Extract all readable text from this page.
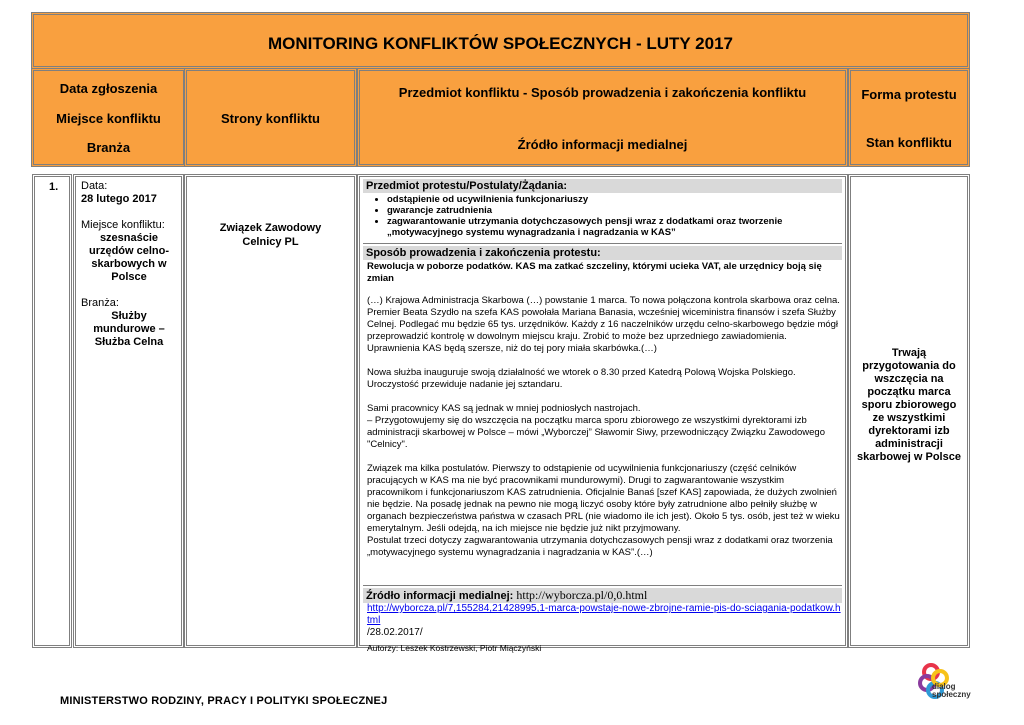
MONITORING KONFLIKTÓW SPOŁECZNYCH - LUTY 2017
Data zgłoszenia
Miejsce konfliktu
Branża
Strony konfliktu
Przedmiot konfliktu - Sposób prowadzenia i zakończenia konfliktu
Źródło informacji medialnej
Forma protestu
Stan konfliktu
1.	Data:
28 lutego 2017
Miejsce konfliktu:
szesnaście urzędów celno-skarbowych w Polsce
Branża:
Służby mundurowe – Służba Celna
Związek Zawodowy Celnicy PL
Przedmiot protestu/Postulaty/Żądania:
• odstąpienie od ucywilnienia funkcjonariuszy
• gwarancje zatrudnienia
• zagwarantowanie utrzymania dotychczasowych pensji wraz z dodatkami oraz tworzenie „motywacyjnego systemu wynagradzania i nagradzania w KAS”
Sposób prowadzenia i zakończenia protestu:
Rewolucja w poborze podatków. KAS ma zatkać szczeliny, którymi ucieka VAT, ale urzędnicy boją się zmian
(…) Krajowa Administracja Skarbowa (…) powstanie 1 marca. To nowa połączona kontrola skarbowa oraz celna. Premier Beata Szydło na szefa KAS powołała Mariana Banasia, wcześniej wiceministra finansów i szefa Służby Celnej. Podlegać mu będzie 65 tys. urzędników. Każdy z 16 naczelników urzędu celno-skarbowego będzie mógł przeprowadzić kontrolę w dowolnym miejscu kraju. Zrobić to może bez uprzedniego zawiadomienia. Uprawnienia KAS będą szersze, niż do tej pory miała skarbówka.(…)
Nowa służba inauguruje swoją działalność we wtorek o 8.30 przed Katedrą Polową Wojska Polskiego. Uroczystość przewiduje nadanie jej sztandaru.
Sami pracownicy KAS są jednak w mniej podniosłych nastrojach.
– Przygotowujemy się do wszczęcia na początku marca sporu zbiorowego ze wszystkimi dyrektorami izb administracji skarbowej w Polsce – mówi „Wyborczej” Sławomir Siwy, przewodniczący Związku Zawodowego "Celnicy".
Związek ma kilka postulatów. Pierwszy to odstąpienie od ucywilnienia funkcjonariuszy (część celników pracujących w KAS ma nie być pracownikami mundurowymi). Drugi to zagwarantowanie wszystkim pracownikom i funkcjonariuszom KAS zatrudnienia. Oficjalnie Banaś [szef KAS] zapowiada, że dużych zwolnień nie będzie. Na posadę jednak na pewno nie mogą liczyć osoby które były zatrudnione albo pełniły służbę w organach bezpieczeństwa państwa w czasach PRL (nie wiadomo ile ich jest). Około 5 tys. osób, jest też w wieku emerytalnym. Jeśli odejdą, na ich miejsce nie będzie już nikt przyjmowany.
Postulat trzeci dotyczy zagwarantowania utrzymania dotychczasowych pensji wraz z dodatkami oraz tworzenia „motywacyjnego systemu wynagradzania i nagradzania w KAS”.(…)
Autorzy: Leszek Kostrzewski, Piotr Miączyński
Źródło informacji medialnej: http://wyborcza.pl/0,0.html
http://wyborcza.pl/7,155284,21428995,1-marca-powstaje-nowe-zbrojne-ramie-pis-do-sciagania-podatkow.html
/28.02.2017/
Trwają przygotowania do wszczęcia na początku marca sporu zbiorowego ze wszystkimi dyrektorami izb administracji skarbowej w Polsce
MINISTERSTWO RODZINY, PRACY I POLITYKI SPOŁECZNEJ
dialog
społeczny
